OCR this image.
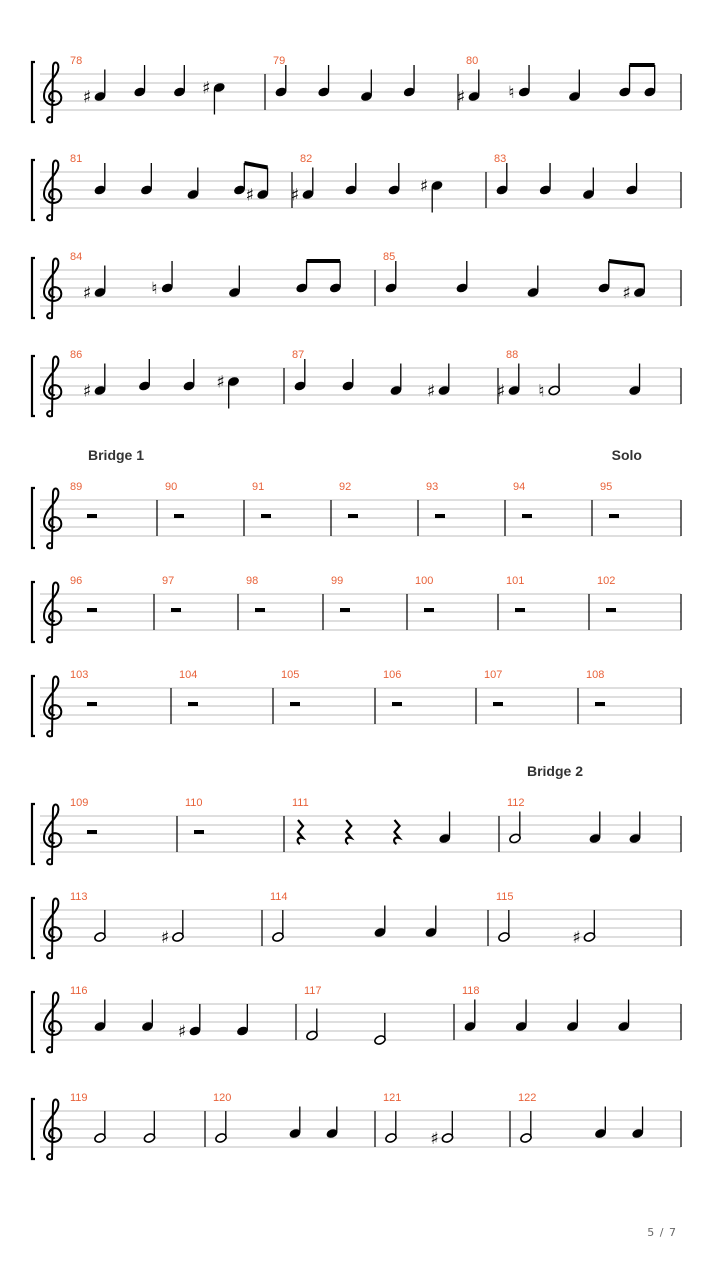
Bridge 1	Solo
Bridge 2
78
♯	♯
79	80
♯	♮
81
♯
82
♯	♯
83
84
♯	♮
85
♯
86
♯	♯
87
♯
88
♯ ♮
89	90	91	92	93	94	95
96	97	98	99	100	101	102
103	104	105	106	107	108
109	110	111	112
113
♯
114	115
♯
116
♯
117	118
119	120	121
♯
122
5 / 7
